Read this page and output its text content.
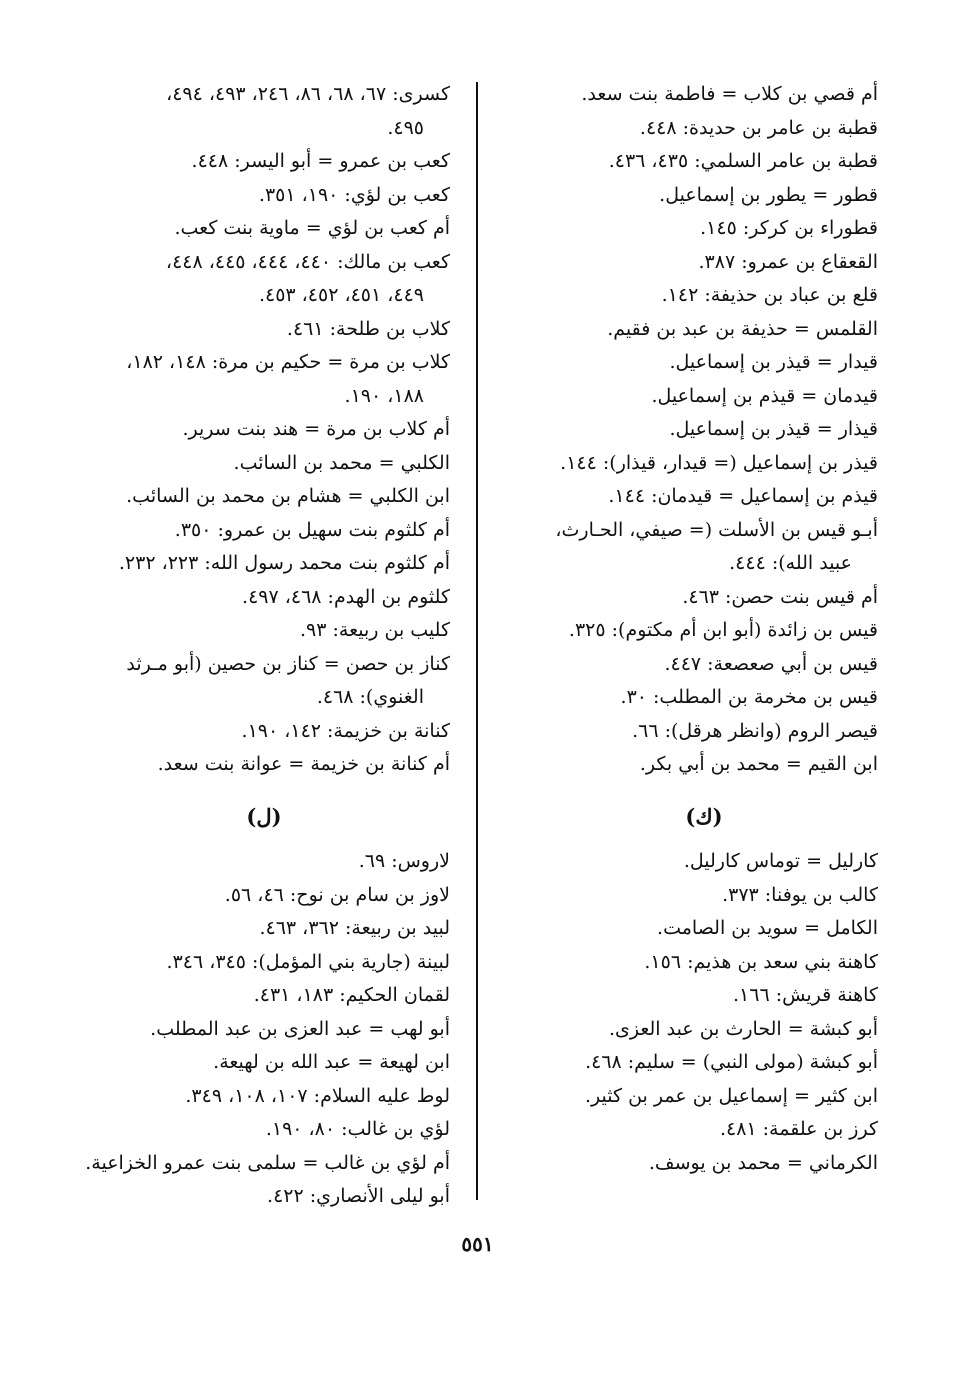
أم قصي بن كلاب = فاطمة بنت سعد.

قطبة بن عامر بن حديدة: ٤٤٨.

قطبة بن عامر السلمي: ٤٣٥، ٤٣٦.

قطور = يطور بن إسماعيل.

قطوراء بن كركر: ١٤٥.

القعقاع بن عمرو: ٣٨٧.

قلع بن عباد بن حذيفة: ١٤٢.

القلمس = حذيفة بن عبد بن فقيم.

قيدار = قيذر بن إسماعيل.

قيدمان = قيذم بن إسماعيل.

قيذار = قيذر بن إسماعيل.

قيذر بن إسماعيل (= قيدار، قيذار): ١٤٤.

قيذم بن إسماعيل = قيدمان: ١٤٤.

أبـو قيس بن الأسلت (= صيفي، الحـارث،
عبيد الله): ٤٤٤.

أم قيس بنت حصن: ٤٦٣.

قيس بن زائدة (أبو ابن أم مكتوم): ٣٢٥.

قيس بن أبي صعصعة: ٤٤٧.

قيس بن مخرمة بن المطلب: ٣٠.

قيصر الروم (وانظر هرقل): ٦٦.

ابن القيم = محمد بن أبي بكر.

(ك)

كارليل = توماس كارليل.

كالب بن يوفنا: ٣٧٣.

الكامل = سويد بن الصامت.

كاهنة بني سعد بن هذيم: ١٥٦.

كاهنة قريش: ١٦٦.

أبو كبشة = الحارث بن عبد العزى.

أبو كبشة (مولى النبي) = سليم: ٤٦٨.

ابن كثير = إسماعيل بن عمر بن كثير.

كرز بن علقمة: ٤٨١.

الكرماني = محمد بن يوسف.

كسرى: ٦٧، ٦٨، ٨٦، ٢٤٦، ٤٩٣، ٤٩٤،
٤٩٥.

كعب بن عمرو = أبو اليسر: ٤٤٨.

كعب بن لؤي: ١٩٠، ٣٥١.

أم كعب بن لؤي = ماوية بنت كعب.

كعب بن مالك: ٤٤٠، ٤٤٤، ٤٤٥، ٤٤٨،
٤٤٩، ٤٥١، ٤٥٢، ٤٥٣.

كلاب بن طلحة: ٤٦١.

كلاب بن مرة = حكيم بن مرة: ١٤٨، ١٨٢،
١٨٨، ١٩٠.

أم كلاب بن مرة = هند بنت سرير.

الكلبي = محمد بن السائب.

ابن الكلبي = هشام بن محمد بن السائب.

أم كلثوم بنت سهيل بن عمرو: ٣٥٠.

أم كلثوم بنت محمد رسول الله: ٢٢٣، ٢٣٢.

كلثوم بن الهدم: ٤٦٨، ٤٩٧.

كليب بن ربيعة: ٩٣.

كناز بن حصن = كناز بن حصين (أبو مـرثد
الغنوي): ٤٦٨.

كنانة بن خزيمة: ١٤٢، ١٩٠.

أم كنانة بن خزيمة = عوانة بنت سعد.

(ل)

لاروس: ٦٩.

لاوز بن سام بن نوح: ٤٦، ٥٦.

لبيد بن ربيعة: ٣٦٢، ٤٦٣.

لبينة (جارية بني المؤمل): ٣٤٥، ٣٤٦.

لقمان الحكيم: ١٨٣، ٤٣١.

أبو لهب = عبد العزى بن عبد المطلب.

ابن لهيعة = عبد الله بن لهيعة.

لوط عليه السلام: ١٠٧، ١٠٨، ٣٤٩.

لؤي بن غالب: ٨٠، ١٩٠.

أم لؤي بن غالب = سلمى بنت عمرو الخزاعية.

أبو ليلى الأنصاري: ٤٢٢.

٥٥١
